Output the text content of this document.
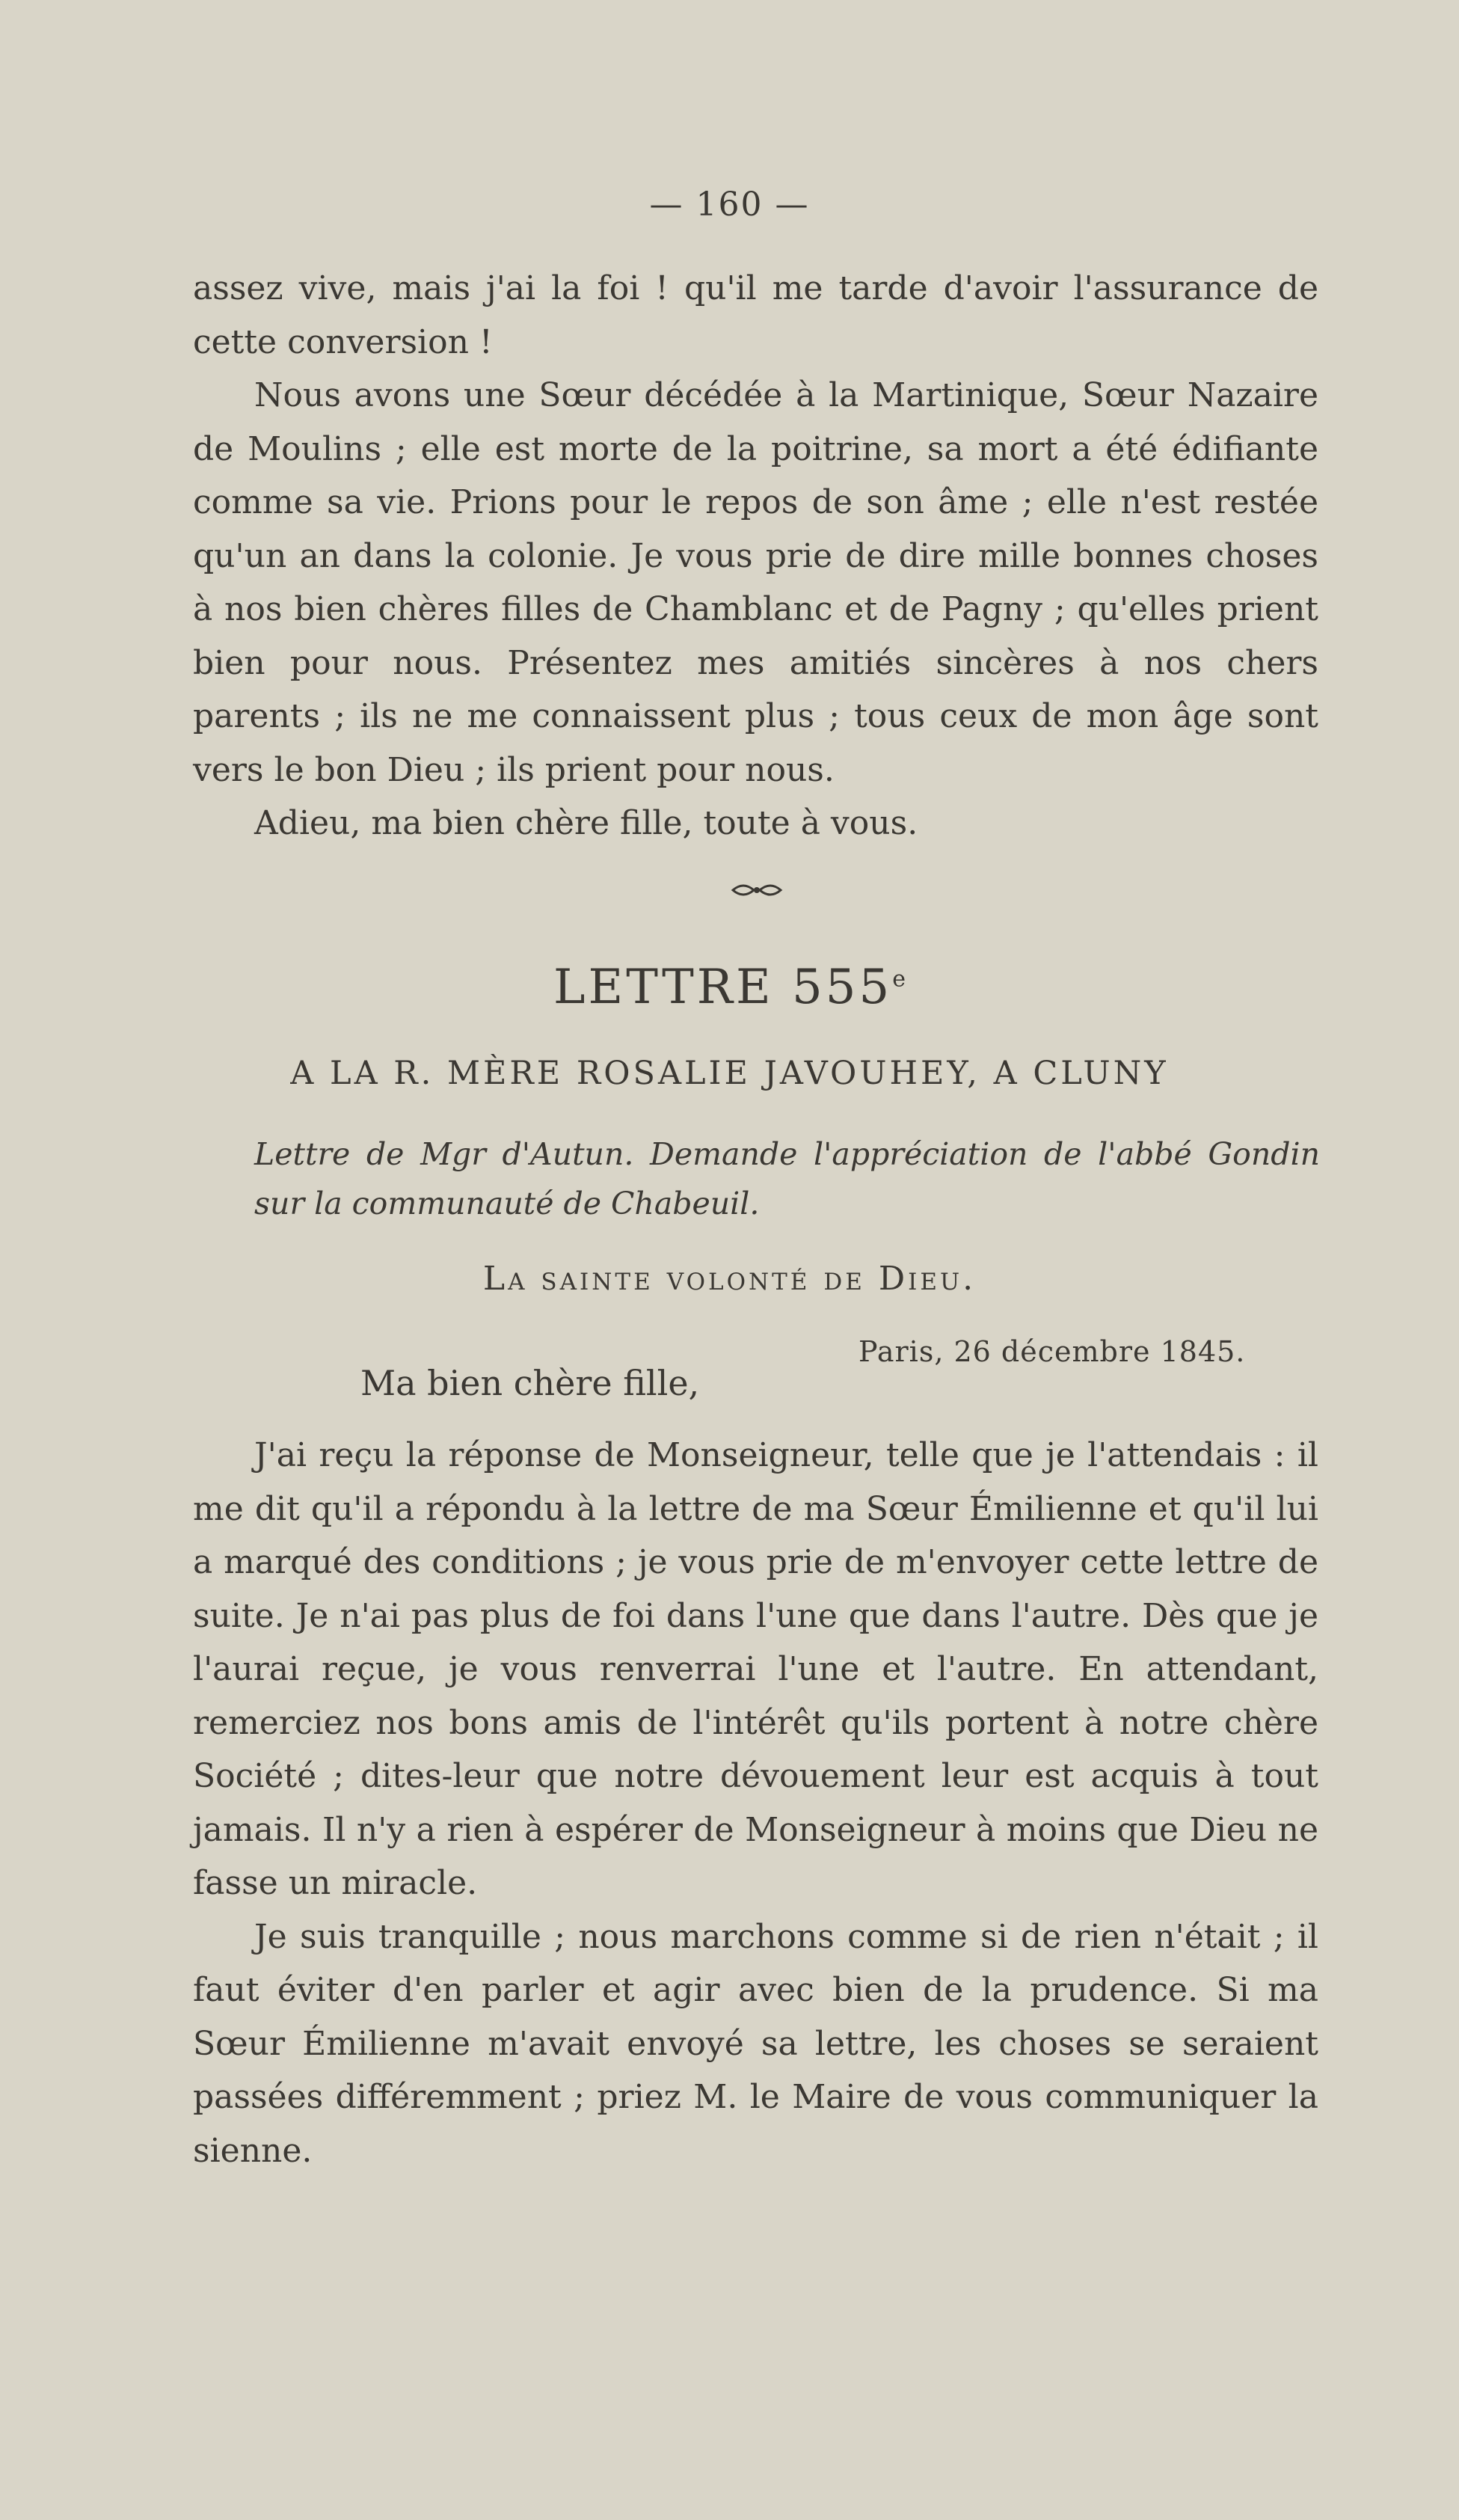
— 160 —

assez vive, mais j'ai la foi ! qu'il me tarde d'avoir l'assurance de cette conversion !

Nous avons une Sœur décédée à la Martinique, Sœur Nazaire de Moulins ; elle est morte de la poitrine, sa mort a été édifiante comme sa vie. Prions pour le repos de son âme ; elle n'est restée qu'un an dans la colonie. Je vous prie de dire mille bonnes choses à nos bien chères filles de Chamblanc et de Pagny ; qu'elles prient bien pour nous. Présentez mes amitiés sincères à nos chers parents ; ils ne me connaissent plus ; tous ceux de mon âge sont vers le bon Dieu ; ils prient pour nous.

Adieu, ma bien chère fille, toute à vous.

LETTRE 555e
A LA R. MÈRE ROSALIE JAVOUHEY, A CLUNY
Lettre de Mgr d'Autun. Demande l'appréciation de l'abbé Gondin sur la communauté de Chabeuil.
La sainte volonté de Dieu.
Paris, 26 décembre 1845.
Ma bien chère fille,

J'ai reçu la réponse de Monseigneur, telle que je l'attendais : il me dit qu'il a répondu à la lettre de ma Sœur Émilienne et qu'il lui a marqué des conditions ; je vous prie de m'envoyer cette lettre de suite. Je n'ai pas plus de foi dans l'une que dans l'autre. Dès que je l'aurai reçue, je vous renverrai l'une et l'autre. En attendant, remerciez nos bons amis de l'intérêt qu'ils portent à notre chère Société ; dites-leur que notre dévouement leur est acquis à tout jamais. Il n'y a rien à espérer de Monseigneur à moins que Dieu ne fasse un miracle.

Je suis tranquille ; nous marchons comme si de rien n'était ; il faut éviter d'en parler et agir avec bien de la prudence. Si ma Sœur Émilienne m'avait envoyé sa lettre, les choses se seraient passées différemment ; priez M. le Maire de vous communiquer la sienne.
